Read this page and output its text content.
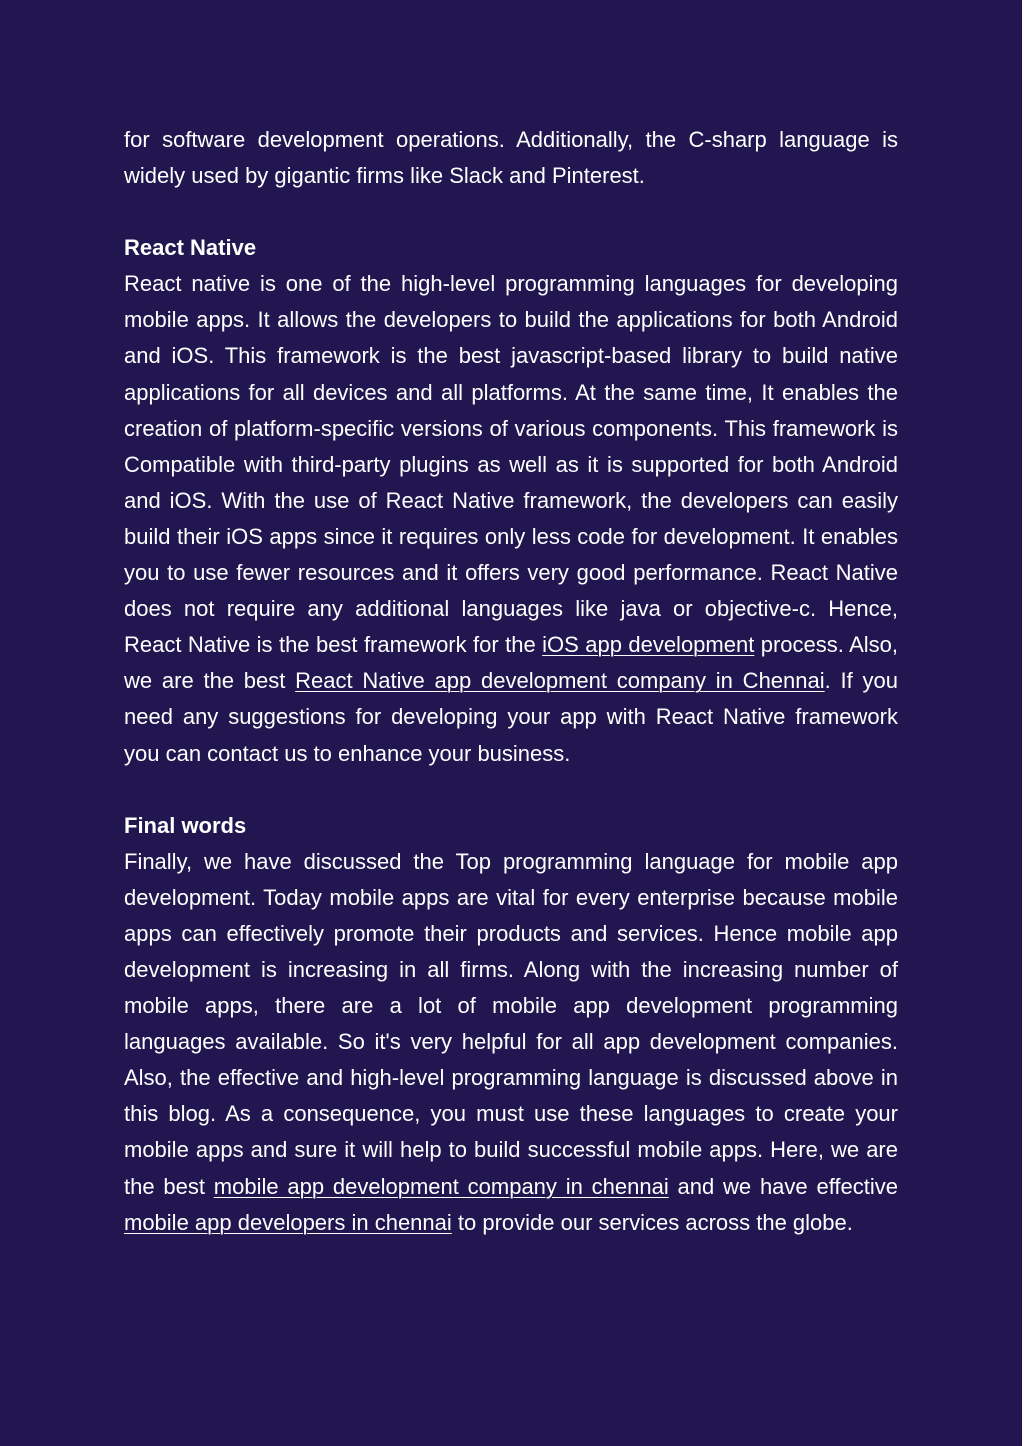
for software development operations. Additionally, the C-sharp language is widely used by gigantic firms like Slack and Pinterest.

React Native

React native is one of the high-level programming languages for developing mobile apps. It allows the developers to build the applications for both Android and iOS. This framework is the best javascript-based library to build native applications for all devices and all platforms. At the same time, It enables the creation of platform-specific versions of various components. This framework is Compatible with third-party plugins as well as it is supported for both Android and iOS. With the use of React Native framework, the developers can easily build their iOS apps since it requires only less code for development. It enables you to use fewer resources and it offers very good performance. React Native does not require any additional languages like java or objective-c. Hence, React Native is the best framework for the iOS app development process. Also, we are the best React Native app development company in Chennai. If you need any suggestions for developing your app with React Native framework you can contact us to enhance your business.

Final words

Finally, we have discussed the Top programming language for mobile app development. Today mobile apps are vital for every enterprise because mobile apps can effectively promote their products and services. Hence mobile app development is increasing in all firms. Along with the increasing number of mobile apps, there are a lot of mobile app development programming languages available. So it's very helpful for all app development companies. Also, the effective and high-level programming language is discussed above in this blog. As a consequence, you must use these languages to create your mobile apps and sure it will help to build successful mobile apps. Here, we are the best mobile app development company in chennai and we have effective mobile app developers in chennai to provide our services across the globe.
